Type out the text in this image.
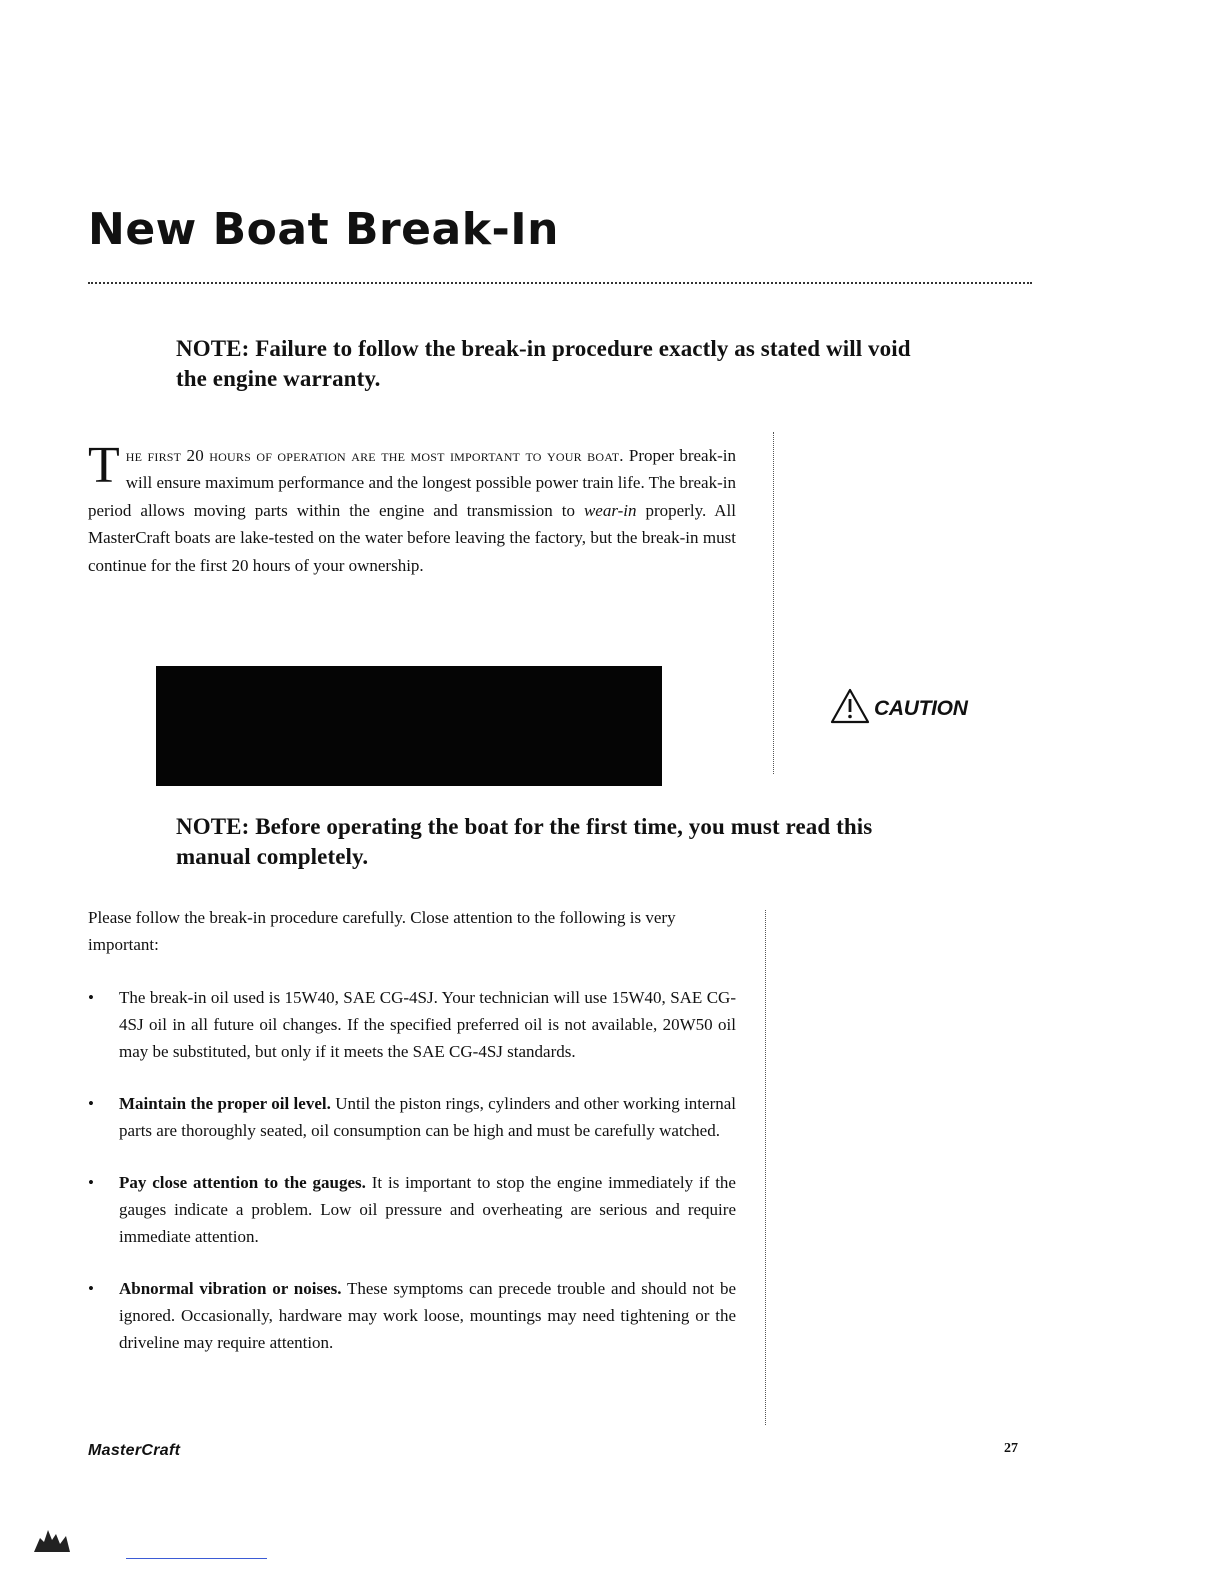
New Boat Break-In

NOTE: Failure to follow the break-in procedure exactly as stated will void the engine warranty.

The first 20 hours of operation are the most important to your boat. Proper break-in will ensure maximum performance and the longest possible power train life. The break-in period allows moving parts within the engine and transmission to wear-in properly. All MasterCraft boats are lake-tested on the water before leaving the factory, but the break-in must continue for the first 20 hours of your ownership.

CAUTION

NOTE: Before operating the boat for the first time, you must read this manual completely.

Please follow the break-in procedure carefully. Close attention to the following is very important:

• The break-in oil used is 15W40, SAE CG-4SJ. Your technician will use 15W40, SAE CG-4SJ oil in all future oil changes. If the specified preferred oil is not available, 20W50 oil may be substituted, but only if it meets the SAE CG-4SJ standards.
• Maintain the proper oil level. Until the piston rings, cylinders and other working internal parts are thoroughly seated, oil consumption can be high and must be carefully watched.
• Pay close attention to the gauges. It is important to stop the engine immediately if the gauges indicate a problem. Low oil pressure and overheating are serious and require immediate attention.
• Abnormal vibration or noises. These symptoms can precede trouble and should not be ignored. Occasionally, hardware may work loose, mountings may need tightening or the driveline may require attention.
MasterCraft	27
